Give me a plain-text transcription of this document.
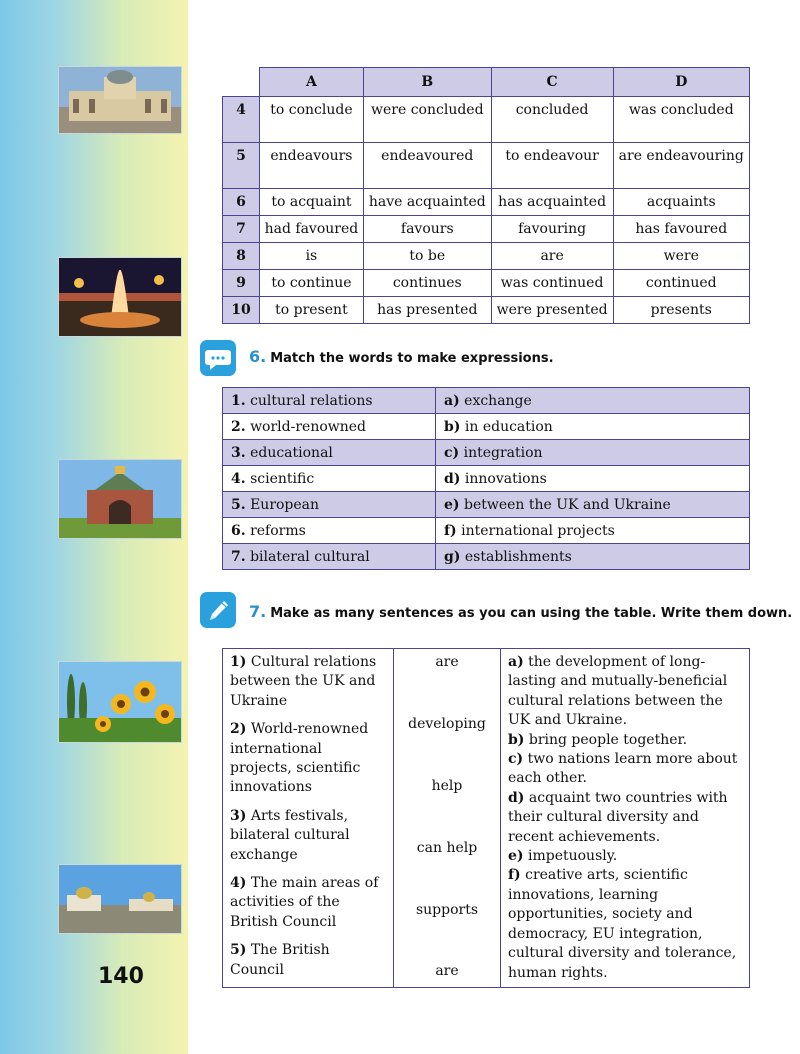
140
	A	B	C	D
4	to conclude	were concluded	concluded	was concluded
5	endeavours	endeavoured	to endeavour	are endeavouring
6	to acquaint	have acquainted	has acquainted	acquaints
7	had favoured	favours	favouring	has favoured
8	is	to be	are	were
9	to continue	continues	was continued	continued
10	to present	has presented	were presented	presents
6. Match the words to make expressions.
1. cultural relations	a) exchange
2. world-renowned	b) in education
3. educational	c) integration
4. scientific	d) innovations
5. European	e) between the UK and Ukraine
6. reforms	f) international projects
7. bilateral cultural	g) establishments
7. Make as many sentences as you can using the table. Write them down.
1) Cultural relations between the UK and Ukraine
2) World-renowned international projects, scientific innovations
3) Arts festivals, bilateral cultural exchange
4) The main areas of activities of the British Council
5) The British Council

are
developing
help
can help
supports
are

a) the development of long-lasting and mutually-beneficial cultural relations between the UK and Ukraine.
b) bring people together.
c) two nations learn more about each other.
d) acquaint two countries with their cultural diversity and recent achievements.
e) impetuously.
f) creative arts, scientific innovations, learning opportunities, society and democracy, EU integration, cultural diversity and tolerance, human rights.
